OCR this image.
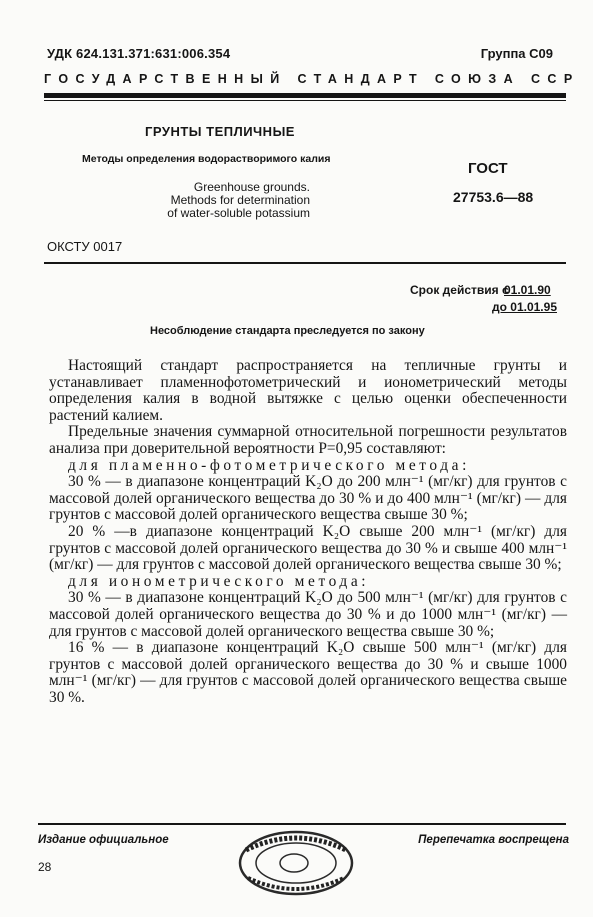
УДК 624.131.371:631:006.354	Группа С09
ГОСУДАРСТВЕННЫЙ СТАНДАРТ СОЮЗА ССР
ГРУНТЫ ТЕПЛИЧНЫЕ
Методы определения водорастворимого калия
Greenhouse grounds.
Methods for determination
of water-soluble potassium
ГОСТ
27753.6—88
ОКСТУ 0017
Срок действия с
01.01.90
до 01.01.95
Несоблюдение стандарта преследуется по закону

Настоящий стандарт распространяется на тепличные грунты и устанавливает пламеннофотометрический и ионометрический методы определения калия в водной вытяжке с целью оценки обеспеченности растений калием.

Предельные значения суммарной относительной погрешности результатов анализа при доверительной вероятности P=0,95 составляют:

для пламенно-фотометрического метода:

30 % — в диапазоне концентраций K₂O до 200 млн⁻¹ (мг/кг) для грунтов с массовой долей органического вещества до 30 % и до 400 млн⁻¹ (мг/кг) — для грунтов с массовой долей органического вещества свыше 30 %;

20 % —в диапазоне концентраций K₂O свыше 200 млн⁻¹ (мг/кг) для грунтов с массовой долей органического вещества до 30 % и свыше 400 млн⁻¹ (мг/кг) — для грунтов с массовой долей органического вещества свыше 30 %;

для ионометрического метода:

30 % — в диапазоне концентраций K₂O до 500 млн⁻¹ (мг/кг) для грунтов с массовой долей органического вещества до 30 % и до 1000 млн⁻¹ (мг/кг) — для грунтов с массовой долей органического вещества свыше 30 %;

16 % — в диапазоне концентраций K₂O свыше 500 млн⁻¹ (мг/кг) для грунтов с массовой долей органического вещества до 30 % и свыше 1000 млн⁻¹ (мг/кг) — для грунтов с массовой долей органического вещества свыше 30 %.

Издание официальное	Перепечатка воспрещена
28
